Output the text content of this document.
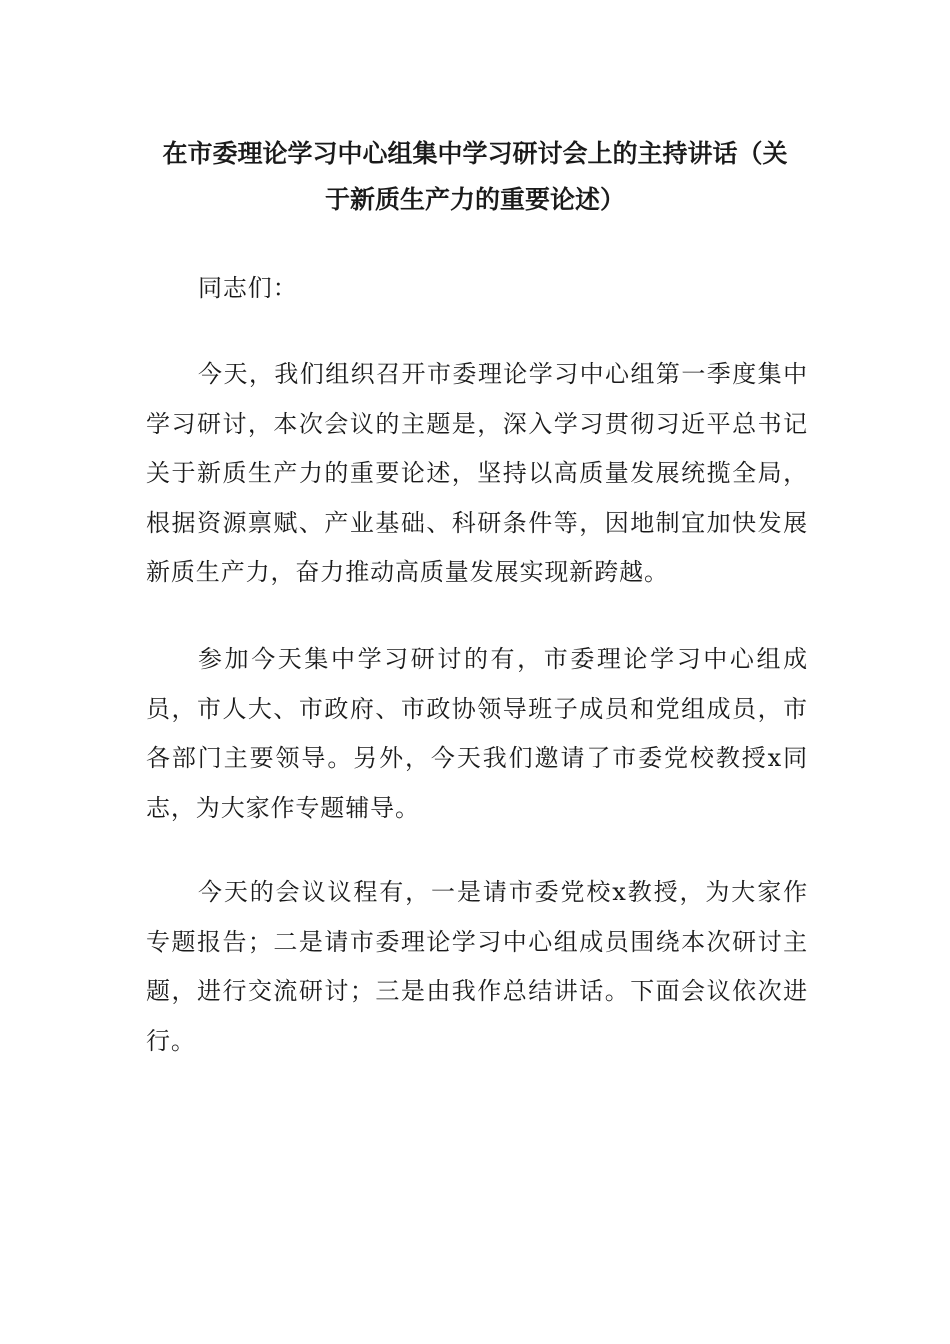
在市委理论学习中心组集中学习研讨会上的主持讲话（关
于新质生产力的重要论述）

同志们：

今天，我们组织召开市委理论学习中心组第一季度集中学习研讨，本次会议的主题是，深入学习贯彻习近平总书记关于新质生产力的重要论述，坚持以高质量发展统揽全局，根据资源禀赋、产业基础、科研条件等，因地制宜加快发展新质生产力，奋力推动高质量发展实现新跨越。

参加今天集中学习研讨的有，市委理论学习中心组成员，市人大、市政府、市政协领导班子成员和党组成员，市各部门主要领导。另外，今天我们邀请了市委党校教授x同志，为大家作专题辅导。

今天的会议议程有，一是请市委党校x教授，为大家作专题报告；二是请市委理论学习中心组成员围绕本次研讨主题，进行交流研讨；三是由我作总结讲话。下面会议依次进行。
